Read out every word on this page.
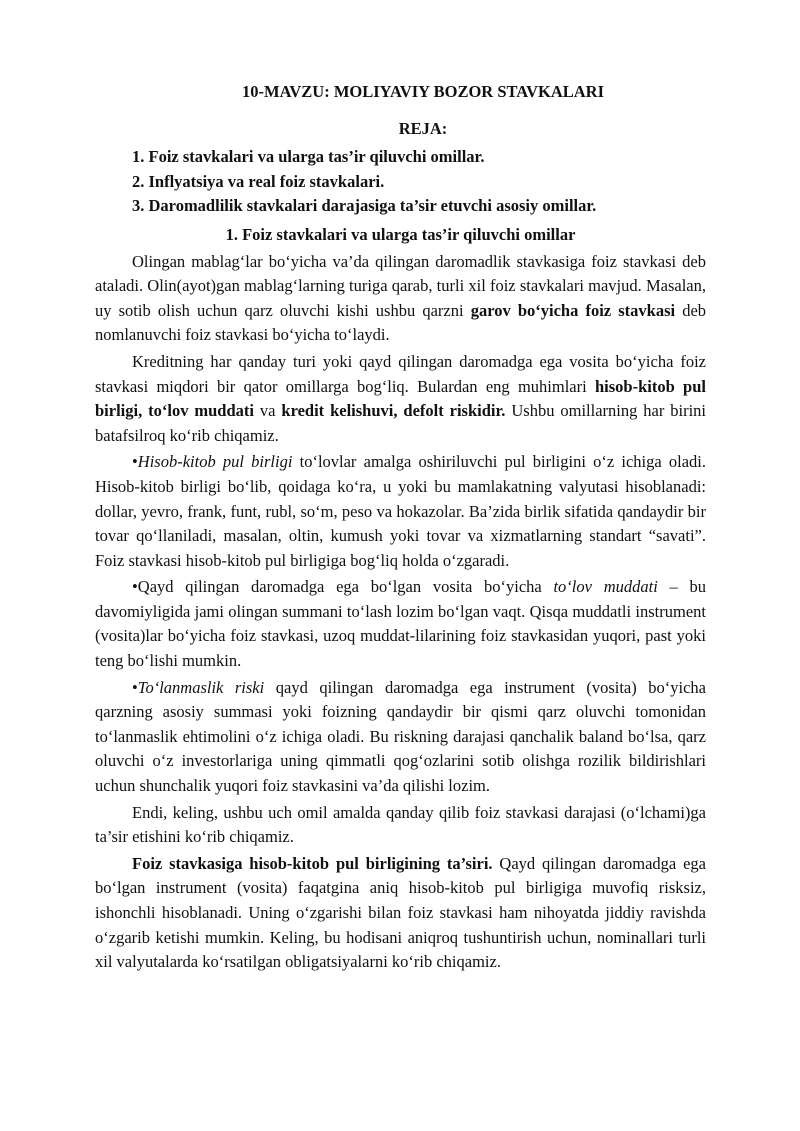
10-MAVZU: MOLIYAVIY BOZOR STAVKALARI
REJA:
1. Foiz stavkalari va ularga tas’ir qiluvchi omillar.
2. Inflyatsiya va real foiz stavkalari.
3. Daromadlilik stavkalari darajasiga ta’sir etuvchi asosiy omillar.
1. Foiz stavkalari va ularga tas’ir qiluvchi omillar

Olingan mablag‘lar bo‘yicha va’da qilingan daromadlik stavkasiga foiz stavkasi deb ataladi. Olin(ayot)gan mablag‘larning turiga qarab, turli xil foiz stavkalari mavjud. Masalan, uy sotib olish uchun qarz oluvchi kishi ushbu qarzni garov bo‘yicha foiz stavkasi deb nomlanuvchi foiz stavkasi bo‘yicha to‘laydi.

Kreditning har qanday turi yoki qayd qilingan daromadga ega vosita bo‘yicha foiz stavkasi miqdori bir qator omillarga bog‘liq. Bulardan eng muhimlari hisob-kitob pul birligi, to‘lov muddati va kredit kelishuvi, defolt riskidir. Ushbu omillarning har birini batafsilroq ko‘rib chiqamiz.

•Hisob-kitob pul birligi to‘lovlar amalga oshiriluvchi pul birligini o‘z ichiga oladi. Hisob-kitob birligi bo‘lib, qoidaga ko‘ra, u yoki bu mamlakatning valyutasi hisoblanadi: dollar, yevro, frank, funt, rubl, so‘m, peso va hokazolar. Ba’zida birlik sifatida qandaydir bir tovar qo‘llaniladi, masalan, oltin, kumush yoki tovar va xizmatlarning standart “savati”. Foiz stavkasi hisob-kitob pul birligiga bog‘liq holda o‘zgaradi.

•Qayd qilingan daromadga ega bo‘lgan vosita bo‘yicha to‘lov muddati – bu davomiyligida jami olingan summani to‘lash lozim bo‘lgan vaqt. Qisqa muddatli instrument (vosita)lar bo‘yicha foiz stavkasi, uzoq muddat-lilarining foiz stavkasidan yuqori, past yoki teng bo‘lishi mumkin.

•To‘lanmaslik riski qayd qilingan daromadga ega instrument (vosita) bo‘yicha qarzning asosiy summasi yoki foizning qandaydir bir qismi qarz oluvchi tomonidan to‘lanmaslik ehtimolini o‘z ichiga oladi. Bu riskning darajasi qanchalik baland bo‘lsa, qarz oluvchi o‘z investorlariga uning qimmatli qog‘ozlarini sotib olishga rozilik bildirishlari uchun shunchalik yuqori foiz stavkasini va’da qilishi lozim.

Endi, keling, ushbu uch omil amalda qanday qilib foiz stavkasi darajasi (o‘lchami)ga ta’sir etishini ko‘rib chiqamiz.

Foiz stavkasiga hisob-kitob pul birligining ta’siri. Qayd qilingan daromadga ega bo‘lgan instrument (vosita) faqatgina aniq hisob-kitob pul birligiga muvofiq risksiz, ishonchli hisoblanadi. Uning o‘zgarishi bilan foiz stavkasi ham nihoyatda jiddiy ravishda o‘zgarib ketishi mumkin. Keling, bu hodisani aniqroq tushuntirish uchun, nominallari turli xil valyutalarda ko‘rsatilgan obligatsiyalarni ko‘rib chiqamiz.
